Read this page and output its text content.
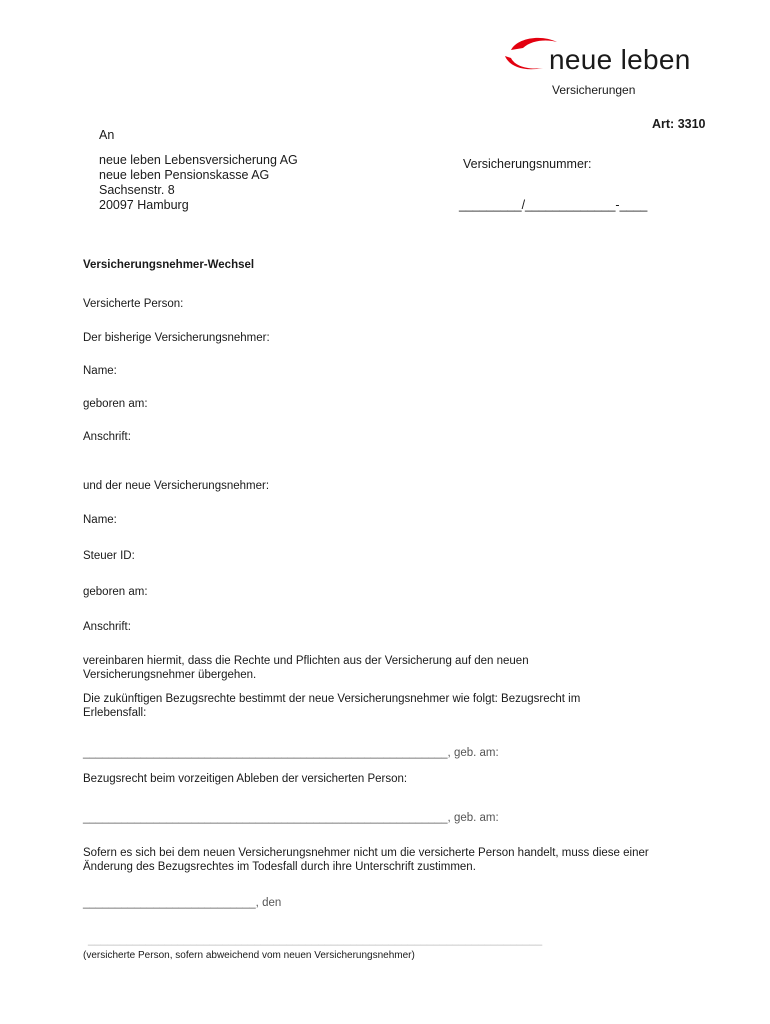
neue leben
Versicherungen
Art: 3310
An
neue leben Lebensversicherung AG
neue leben Pensionskasse AG
Sachsenstr. 8
20097 Hamburg
Versicherungsnummer:
_________/_____________-____
Versicherungsnehmer-Wechsel
Versicherte Person:
Der bisherige Versicherungsnehmer:
Name:
geboren am:
Anschrift:
und der neue Versicherungsnehmer:
Name:
Steuer ID:
geboren am:
Anschrift:
vereinbaren hiermit, dass die Rechte und Pflichten aus der Versicherung auf den neuen Versicherungsnehmer übergehen.
Die zukünftigen Bezugsrechte bestimmt der neue Versicherungsnehmer wie folgt: Bezugsrecht im Erlebensfall:
_________________________________________________________, geb. am:
Bezugsrecht beim vorzeitigen Ableben der versicherten Person:
_________________________________________________________, geb. am:
Sofern es sich bei dem neuen Versicherungsnehmer nicht um die versicherte Person handelt, muss diese einer Änderung des Bezugsrechtes im Todesfall durch ihre Unterschrift zustimmen.
___________________________, den
_______________________________________________________________________
(versicherte Person, sofern abweichend vom neuen Versicherungsnehmer)
